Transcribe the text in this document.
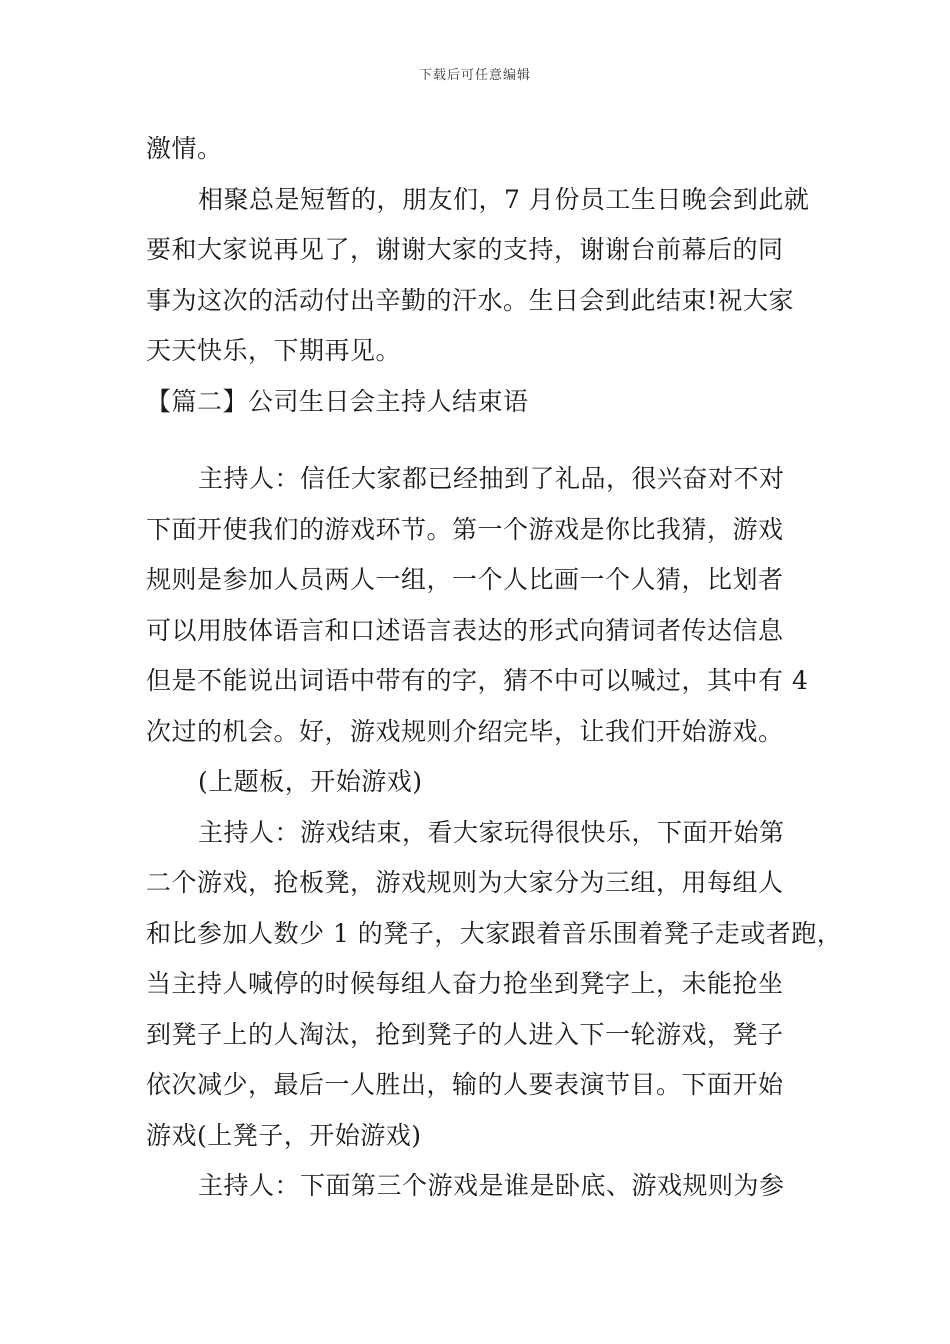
下载后可任意编辑
激情。
相聚总是短暂的，朋友们，7 月份员工生日晚会到此就
要和大家说再见了，谢谢大家的支持，谢谢台前幕后的同
事为这次的活动付出辛勤的汗水。生日会到此结束!祝大家
天天快乐，下期再见。
【篇二】公司生日会主持人结束语
主持人：信任大家都已经抽到了礼品，很兴奋对不对
下面开使我们的游戏环节。第一个游戏是你比我猜，游戏
规则是参加人员两人一组，一个人比画一个人猜，比划者
可以用肢体语言和口述语言表达的形式向猜词者传达信息
但是不能说出词语中带有的字，猜不中可以喊过，其中有 4
次过的机会。好，游戏规则介绍完毕，让我们开始游戏。
(上题板，开始游戏)
主持人：游戏结束，看大家玩得很快乐，下面开始第
二个游戏，抢板凳，游戏规则为大家分为三组，用每组人
和比参加人数少 1 的凳子，大家跟着音乐围着凳子走或者跑，
当主持人喊停的时候每组人奋力抢坐到凳字上，未能抢坐
到凳子上的人淘汰，抢到凳子的人进入下一轮游戏，凳子
依次减少，最后一人胜出，输的人要表演节目。下面开始
游戏(上凳子，开始游戏)
主持人：下面第三个游戏是谁是卧底、游戏规则为参
